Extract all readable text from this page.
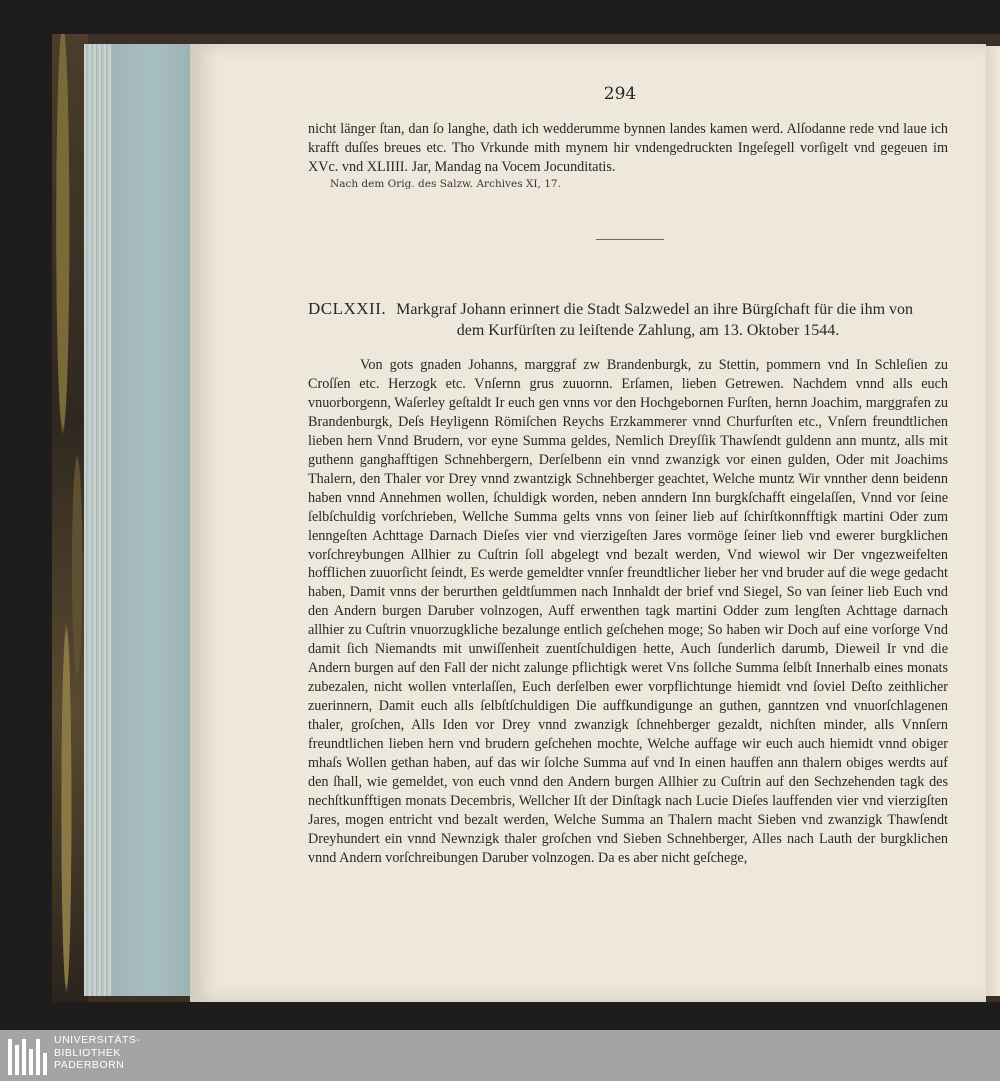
294

nicht länger ſtan, dan ſo langhe, dath ich wedderumme bynnen landes kamen werd. Alſodanne rede vnd laue ich krafft duſſes breues etc. Tho Vrkunde mith mynem hir vndengedruckten Ingeſegell vorſigelt vnd gegeuen im XVc. vnd XLIIII. Jar, Mandag na Vocem Jocunditatis.

Nach dem Orig. des Salzw. Archives XI, 17.
DCLXXII. Markgraf Johann erinnert die Stadt Salzwedel an ihre Bürgſchaft für die ihm von
dem Kurfürſten zu leiſtende Zahlung, am 13. Oktober 1544.

Von gots gnaden Johanns, marggraf zw Brandenburgk, zu Stettin, pommern vnd In Schleſien zu Croſſen etc. Herzogk etc. Vnſernn grus zuuornn. Erſamen, lieben Getrewen. Nachdem vnnd alls euch vnuorborgenn, Waſerley geſtaldt Ir euch gen vnns vor den Hochgebornen Furſten, hernn Joachim, marggrafen zu Brandenburgk, Deſs Heyligenn Römiſchen Reychs Erzkammerer vnnd Churfurſten etc., Vnſern freundtlichen lieben hern Vnnd Brudern, vor eyne Summa geldes, Nemlich Dreyſſik Thawſendt guldenn ann muntz, alls mit guthenn ganghafftigen Schnehbergern, Derſelbenn ein vnnd zwanzigk vor einen gulden, Oder mit Joachims Thalern, den Thaler vor Drey vnnd zwantzigk Schnehberger geachtet, Welche muntz Wir vnnther denn beidenn haben vnnd Annehmen wollen, ſchuldigk worden, neben anndern Inn burgkſchafft eingelaſſen, Vnnd vor ſeine ſelbſchuldig vorſchrieben, Wellche Summa gelts vnns von ſeiner lieb auf ſchirſtkonnfftigk martini Oder zum lenngeſten Achttage Darnach Dieſes vier vnd vierzigeſten Jares vormöge ſeiner lieb vnd ewerer burgklichen vorſchreybungen Allhier zu Cuſtrin ſoll abgelegt vnd bezalt werden, Vnd wiewol wir Der vngezweifelten hofflichen zuuorſicht ſeindt, Es werde gemeldter vnnſer freundtlicher lieber her vnd bruder auf die wege gedacht haben, Damit vnns der berurthen geldtſummen nach Innhaldt der brief vnd Siegel, So van ſeiner lieb Euch vnd den Andern burgen Daruber volnzogen, Auff erwenthen tagk martini Odder zum lengſten Achttage darnach allhier zu Cuſtrin vnuorzugkliche bezalunge entlich geſchehen moge; So haben wir Doch auf eine vorſorge Vnd damit ſich Niemandts mit unwiſſenheit zuentſchuldigen hette, Auch ſunderlich darumb, Dieweil Ir vnd die Andern burgen auf den Fall der nicht zalunge pflichtigk weret Vns ſollche Summa ſelbſt Innerhalb eines monats zubezalen, nicht wollen vnterlaſſen, Euch derſelben ewer vorpflichtunge hiemidt vnd ſoviel Deſto zeithlicher zuerinnern, Damit euch alls ſelbſtſchuldigen Die auffkundigunge an guthen, ganntzen vnd vnuorſchlagenen thaler, groſchen, Alls Iden vor Drey vnnd zwanzigk ſchnehberger gezaldt, nichſten minder, alls Vnnſern freundtlichen lieben hern vnd brudern geſchehen mochte, Welche auffage wir euch auch hiemidt vnnd obiger mhaſs Wollen gethan haben, auf das wir ſolche Summa auf vnd In einen hauffen ann thalern obiges werdts auf den ſhall, wie gemeldet, von euch vnnd den Andern burgen Allhier zu Cuſtrin auf den Sechzehenden tagk des nechſtkunfftigen monats Decembris, Wellcher Iſt der Dinſtagk nach Lucie Dieſes lauffenden vier vnd vierzigſten Jares, mogen entricht vnd bezalt werden, Welche Summa an Thalern macht Sieben vnd zwanzigk Thawſendt Dreyhundert ein vnnd Newnzigk thaler groſchen vnd Sieben Schnehberger, Alles nach Lauth der burgklichen vnnd Andern vorſchreibungen Daruber volnzogen. Da es aber nicht geſchege,

UNIVERSITÄTS-
BIBLIOTHEK
PADERBORN
